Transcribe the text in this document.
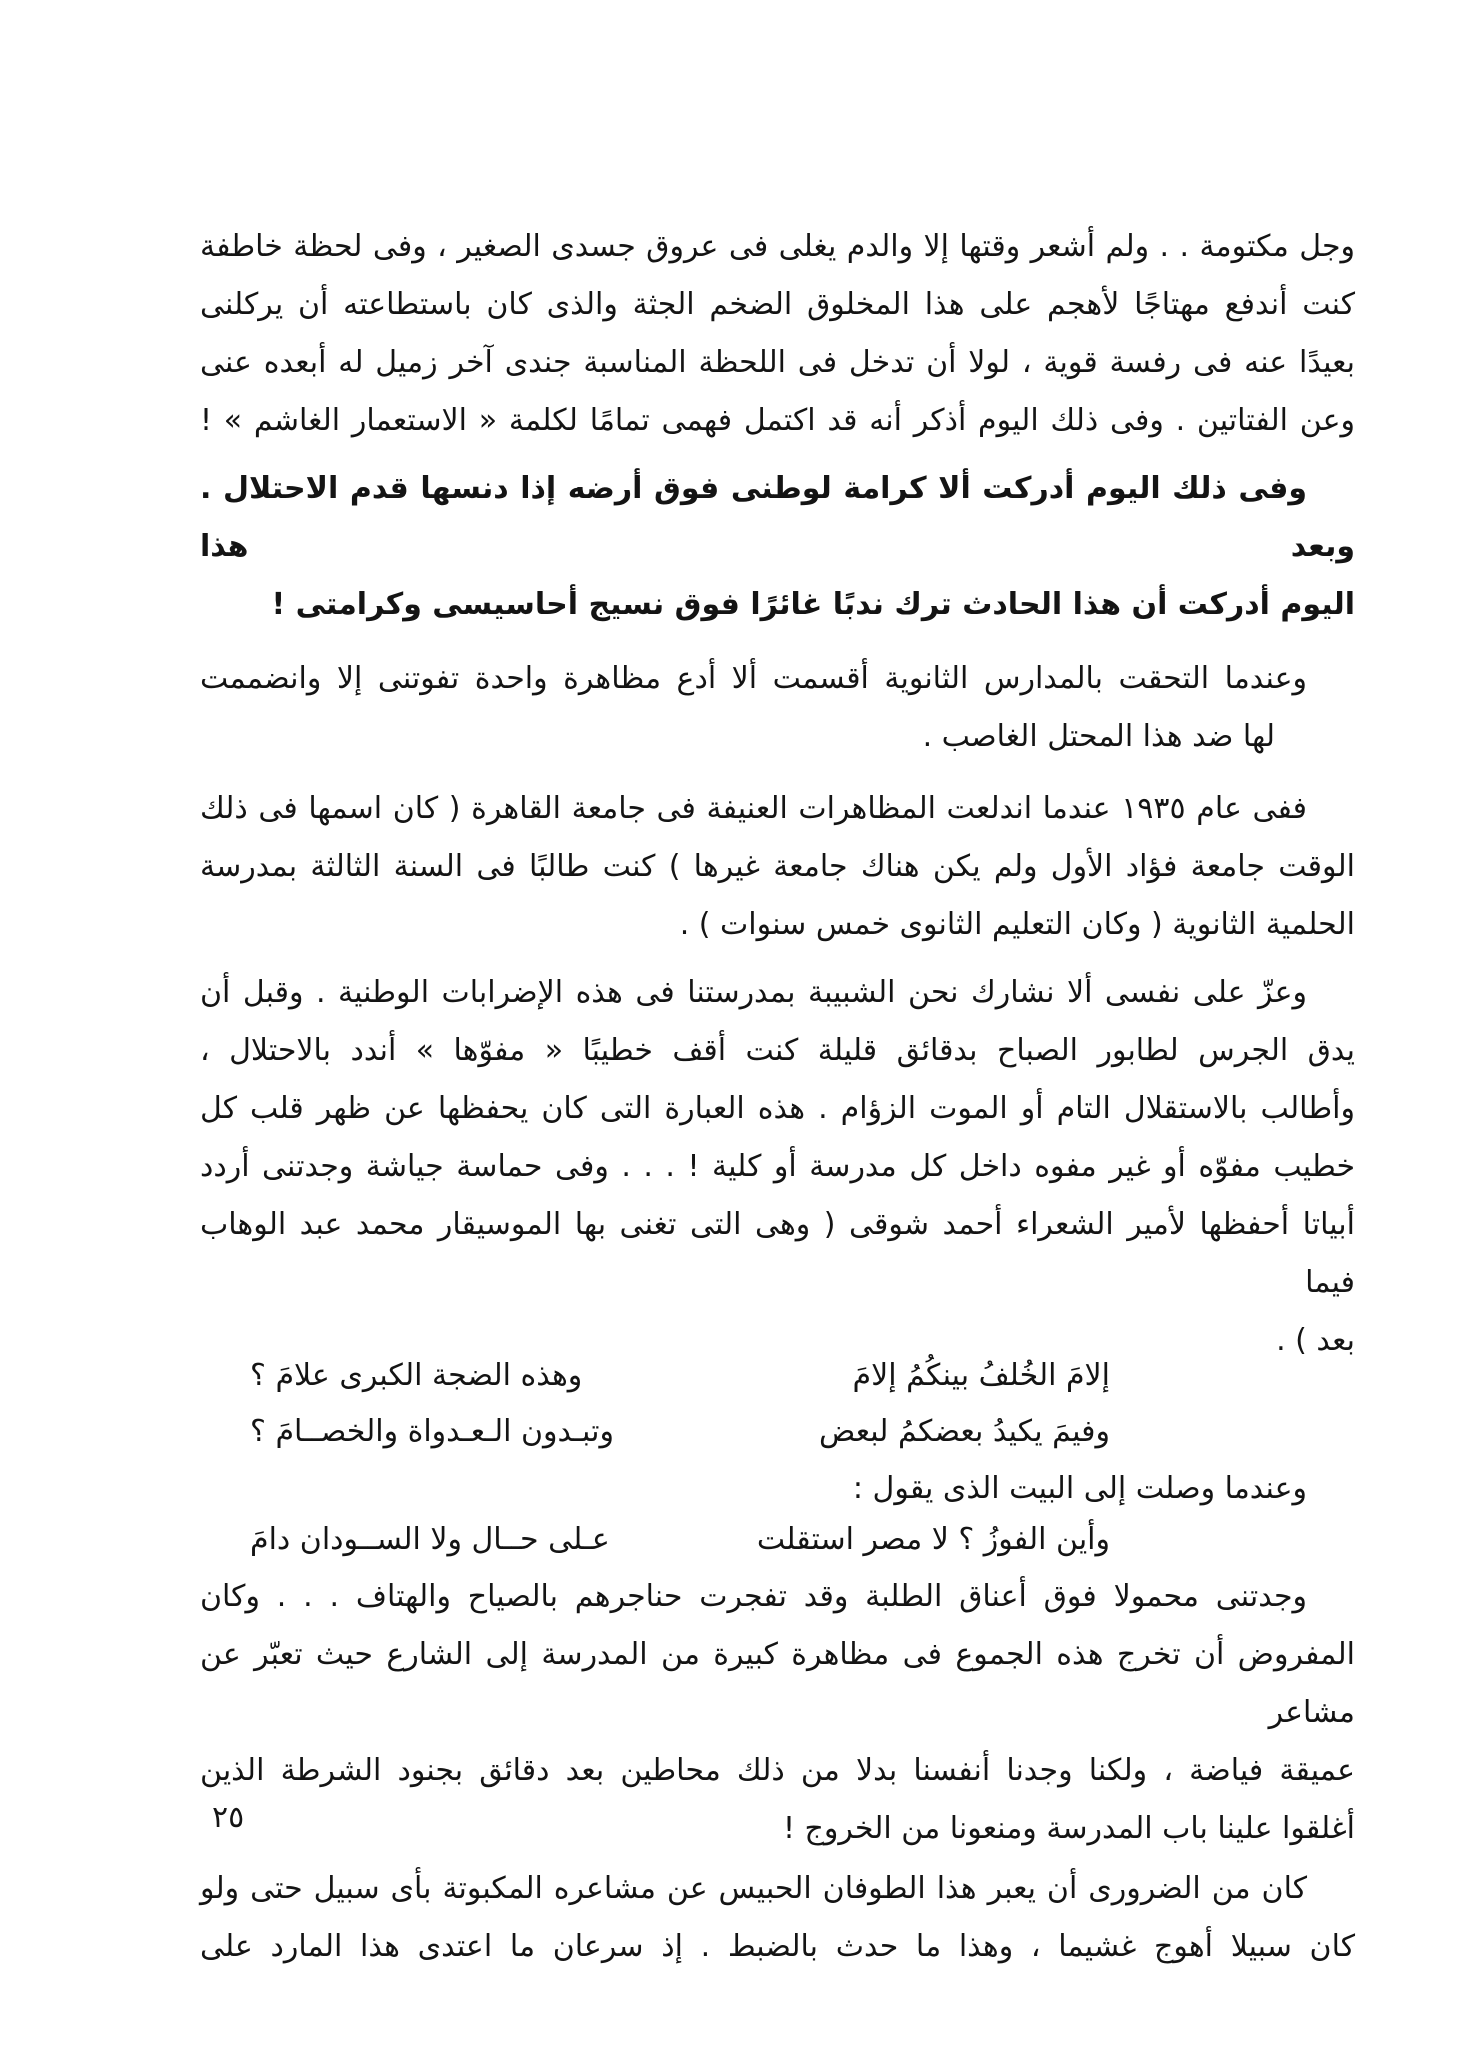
وجل مكتومة . . ولم أشعر وقتها إلا والدم يغلى فى عروق جسدى الصغير ، وفى لحظة خاطفة
كنت أندفع مهتاجًا لأهجم على هذا المخلوق الضخم الجثة والذى كان باستطاعته أن يركلنى
بعيدًا عنه فى رفسة قوية ، لولا أن تدخل فى اللحظة المناسبة جندى آخر زميل له أبعده عنى
وعن الفتاتين . وفى ذلك اليوم أذكر أنه قد اكتمل فهمى تمامًا لكلمة « الاستعمار الغاشم » !
وفى ذلك اليوم أدركت ألا كرامة لوطنى فوق أرضه إذا دنسها قدم الاحتلال . وبعد هذا
اليوم أدركت أن هذا الحادث ترك ندبًا غائرًا فوق نسيج أحاسيسى وكرامتى !
وعندما التحقت بالمدارس الثانوية أقسمت ألا أدع مظاهرة واحدة تفوتنى إلا وانضممت
لها ضد هذا المحتل الغاصب .
ففى عام ١٩٣٥ عندما اندلعت المظاهرات العنيفة فى جامعة القاهرة ( كان اسمها فى ذلك
الوقت جامعة فؤاد الأول ولم يكن هناك جامعة غيرها ) كنت طالبًا فى السنة الثالثة بمدرسة
الحلمية الثانوية ( وكان التعليم الثانوى خمس سنوات ) .
وعزّ على نفسى ألا نشارك نحن الشبيبة بمدرستنا فى هذه الإضرابات الوطنية . وقبل أن
يدق الجرس لطابور الصباح بدقائق قليلة كنت أقف خطيبًا « مفوّها » أندد بالاحتلال ،
وأطالب بالاستقلال التام أو الموت الزؤام . هذه العبارة التى كان يحفظها عن ظهر قلب كل
خطيب مفوّه أو غير مفوه داخل كل مدرسة أو كلية ! . . . وفى حماسة جياشة وجدتنى أردد
أبياتا أحفظها لأمير الشعراء أحمد شوقى ( وهى التى تغنى بها الموسيقار محمد عبد الوهاب فيما
بعد ) .
إلامَ الخُلفُ بينكُمُ إلامَ
وهذه الضجة الكبرى علامَ ؟
وفيمَ يكيدُ بعضكمُ لبعض
وتبـدون الـعـدواة والخصــامَ ؟
وعندما وصلت إلى البيت الذى يقول :
وأين الفوزُ ؟ لا مصر استقلت
عـلى حــال ولا الســودان دامَ
وجدتنى محمولا فوق أعناق الطلبة وقد تفجرت حناجرهم بالصياح والهتاف . . . وكان
المفروض أن تخرج هذه الجموع فى مظاهرة كبيرة من المدرسة إلى الشارع حيث تعبّر عن مشاعر
عميقة فياضة ، ولكنا وجدنا أنفسنا بدلا من ذلك محاطين بعد دقائق بجنود الشرطة الذين
أغلقوا علينا باب المدرسة ومنعونا من الخروج !
كان من الضرورى أن يعبر هذا الطوفان الحبيس عن مشاعره المكبوتة بأى سبيل حتى ولو
كان سبيلا أهوج غشيما ، وهذا ما حدث بالضبط . إذ سرعان ما اعتدى هذا المارد على
٢٥
